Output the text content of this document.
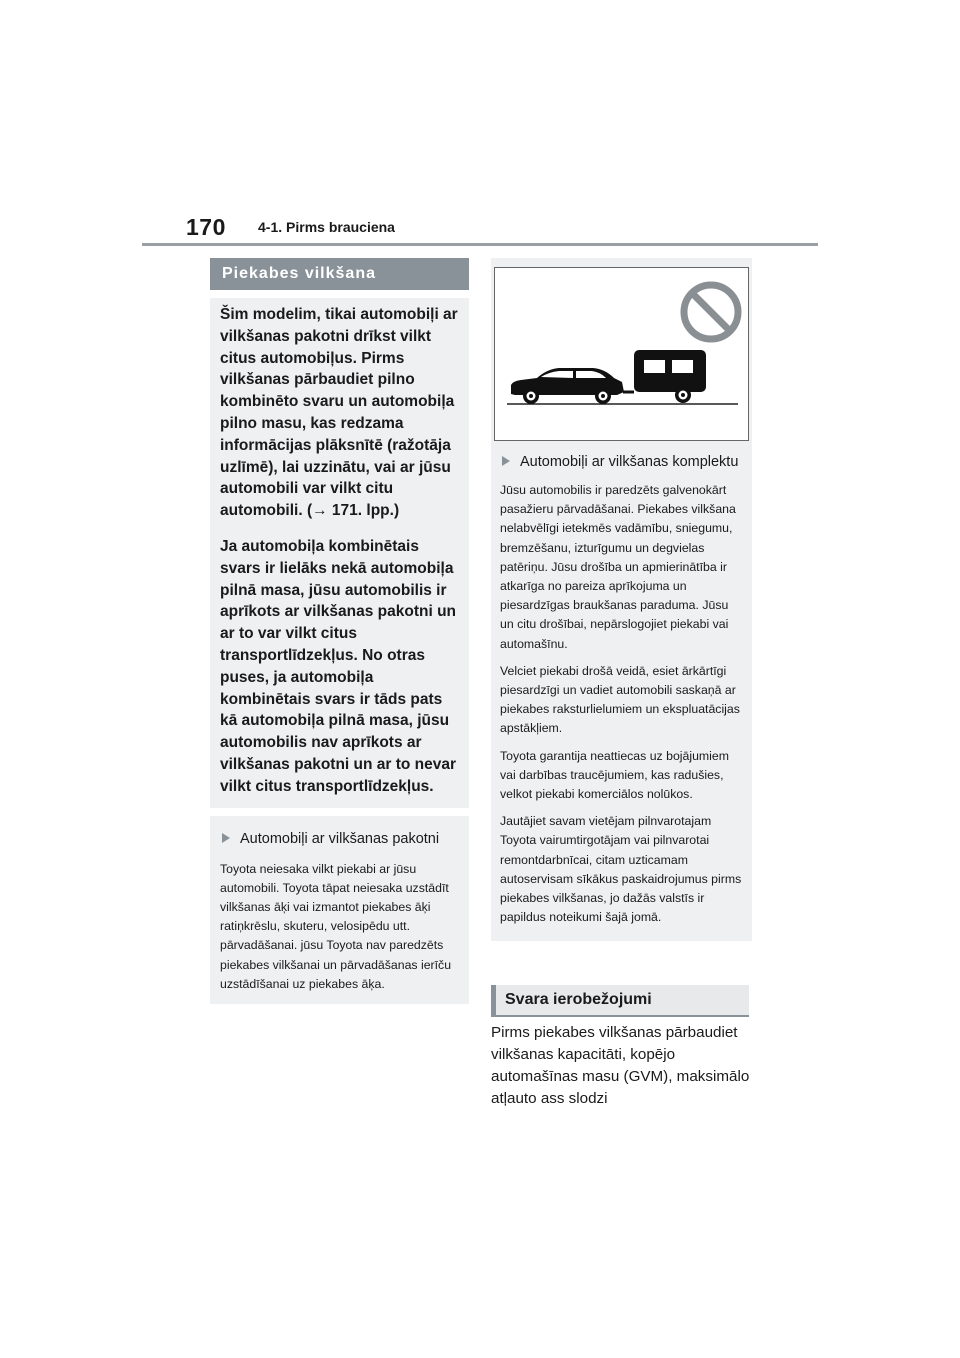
170 4-1. Pirms brauciena
Piekabes vilkšana

Šim modelim, tikai automobiļi ar vilkšanas pakotni drīkst vilkt citus automobiļus. Pirms vilkšanas pārbaudiet pilno kombinēto svaru un automobiļa pilno masu, kas redzama informācijas plāksnītē (ražotāja uzlīmē), lai uzzinātu, vai ar jūsu automobili var vilkt citu automobili. (→ 171. lpp.)

Ja automobiļa kombinētais svars ir lielāks nekā automobiļa pilnā masa, jūsu automobilis ir aprīkots ar vilkšanas pakotni un ar to var vilkt citus transportlīdzekļus. No otras puses, ja automobiļa kombinētais svars ir tāds pats kā automobiļa pilnā masa, jūsu automobilis nav aprīkots ar vilkšanas pakotni un ar to nevar vilkt citus transportlīdzekļus.

Automobiļi ar vilkšanas pakotni

Toyota neiesaka vilkt piekabi ar jūsu automobili. Toyota tāpat neiesaka uzstādīt vilkšanas āķi vai izmantot piekabes āķi ratiņkrēslu, skuteru, velosipēdu utt. pārvadāšanai. jūsu Toyota nav paredzēts piekabes vilkšanai un pārvadāšanas ierīču uzstādīšanai uz piekabes āķa.

Automobiļi ar vilkšanas komplektu

Jūsu automobilis ir paredzēts galvenokārt pasažieru pārvadāšanai. Piekabes vilkšana nelabvēlīgi ietekmēs vadāmību, sniegumu, bremzēšanu, izturīgumu un degvielas patēriņu. Jūsu drošība un apmierinātība ir atkarīga no pareiza aprīkojuma un piesardzīgas braukšanas paraduma. Jūsu un citu drošībai, nepārslogojiet piekabi vai automašīnu.

Velciet piekabi drošā veidā, esiet ārkārtīgi piesardzīgi un vadiet automobili saskaņā ar piekabes raksturlielumiem un ekspluatācijas apstākļiem.

Toyota garantija neattiecas uz bojājumiem vai darbības traucējumiem, kas radušies, velkot piekabi komerciālos nolūkos.

Jautājiet savam vietējam pilnvarotajam Toyota vairumtirgotājam vai pilnvarotai remontdarbnīcai, citam uzticamam autoservisam sīkākus paskaidrojumus pirms piekabes vilkšanas, jo dažās valstīs ir papildus noteikumi šajā jomā.

Svara ierobežojumi

Pirms piekabes vilkšanas pārbaudiet vilkšanas kapacitāti, kopējo automašīnas masu (GVM), maksimālo atļauto ass slodzi
